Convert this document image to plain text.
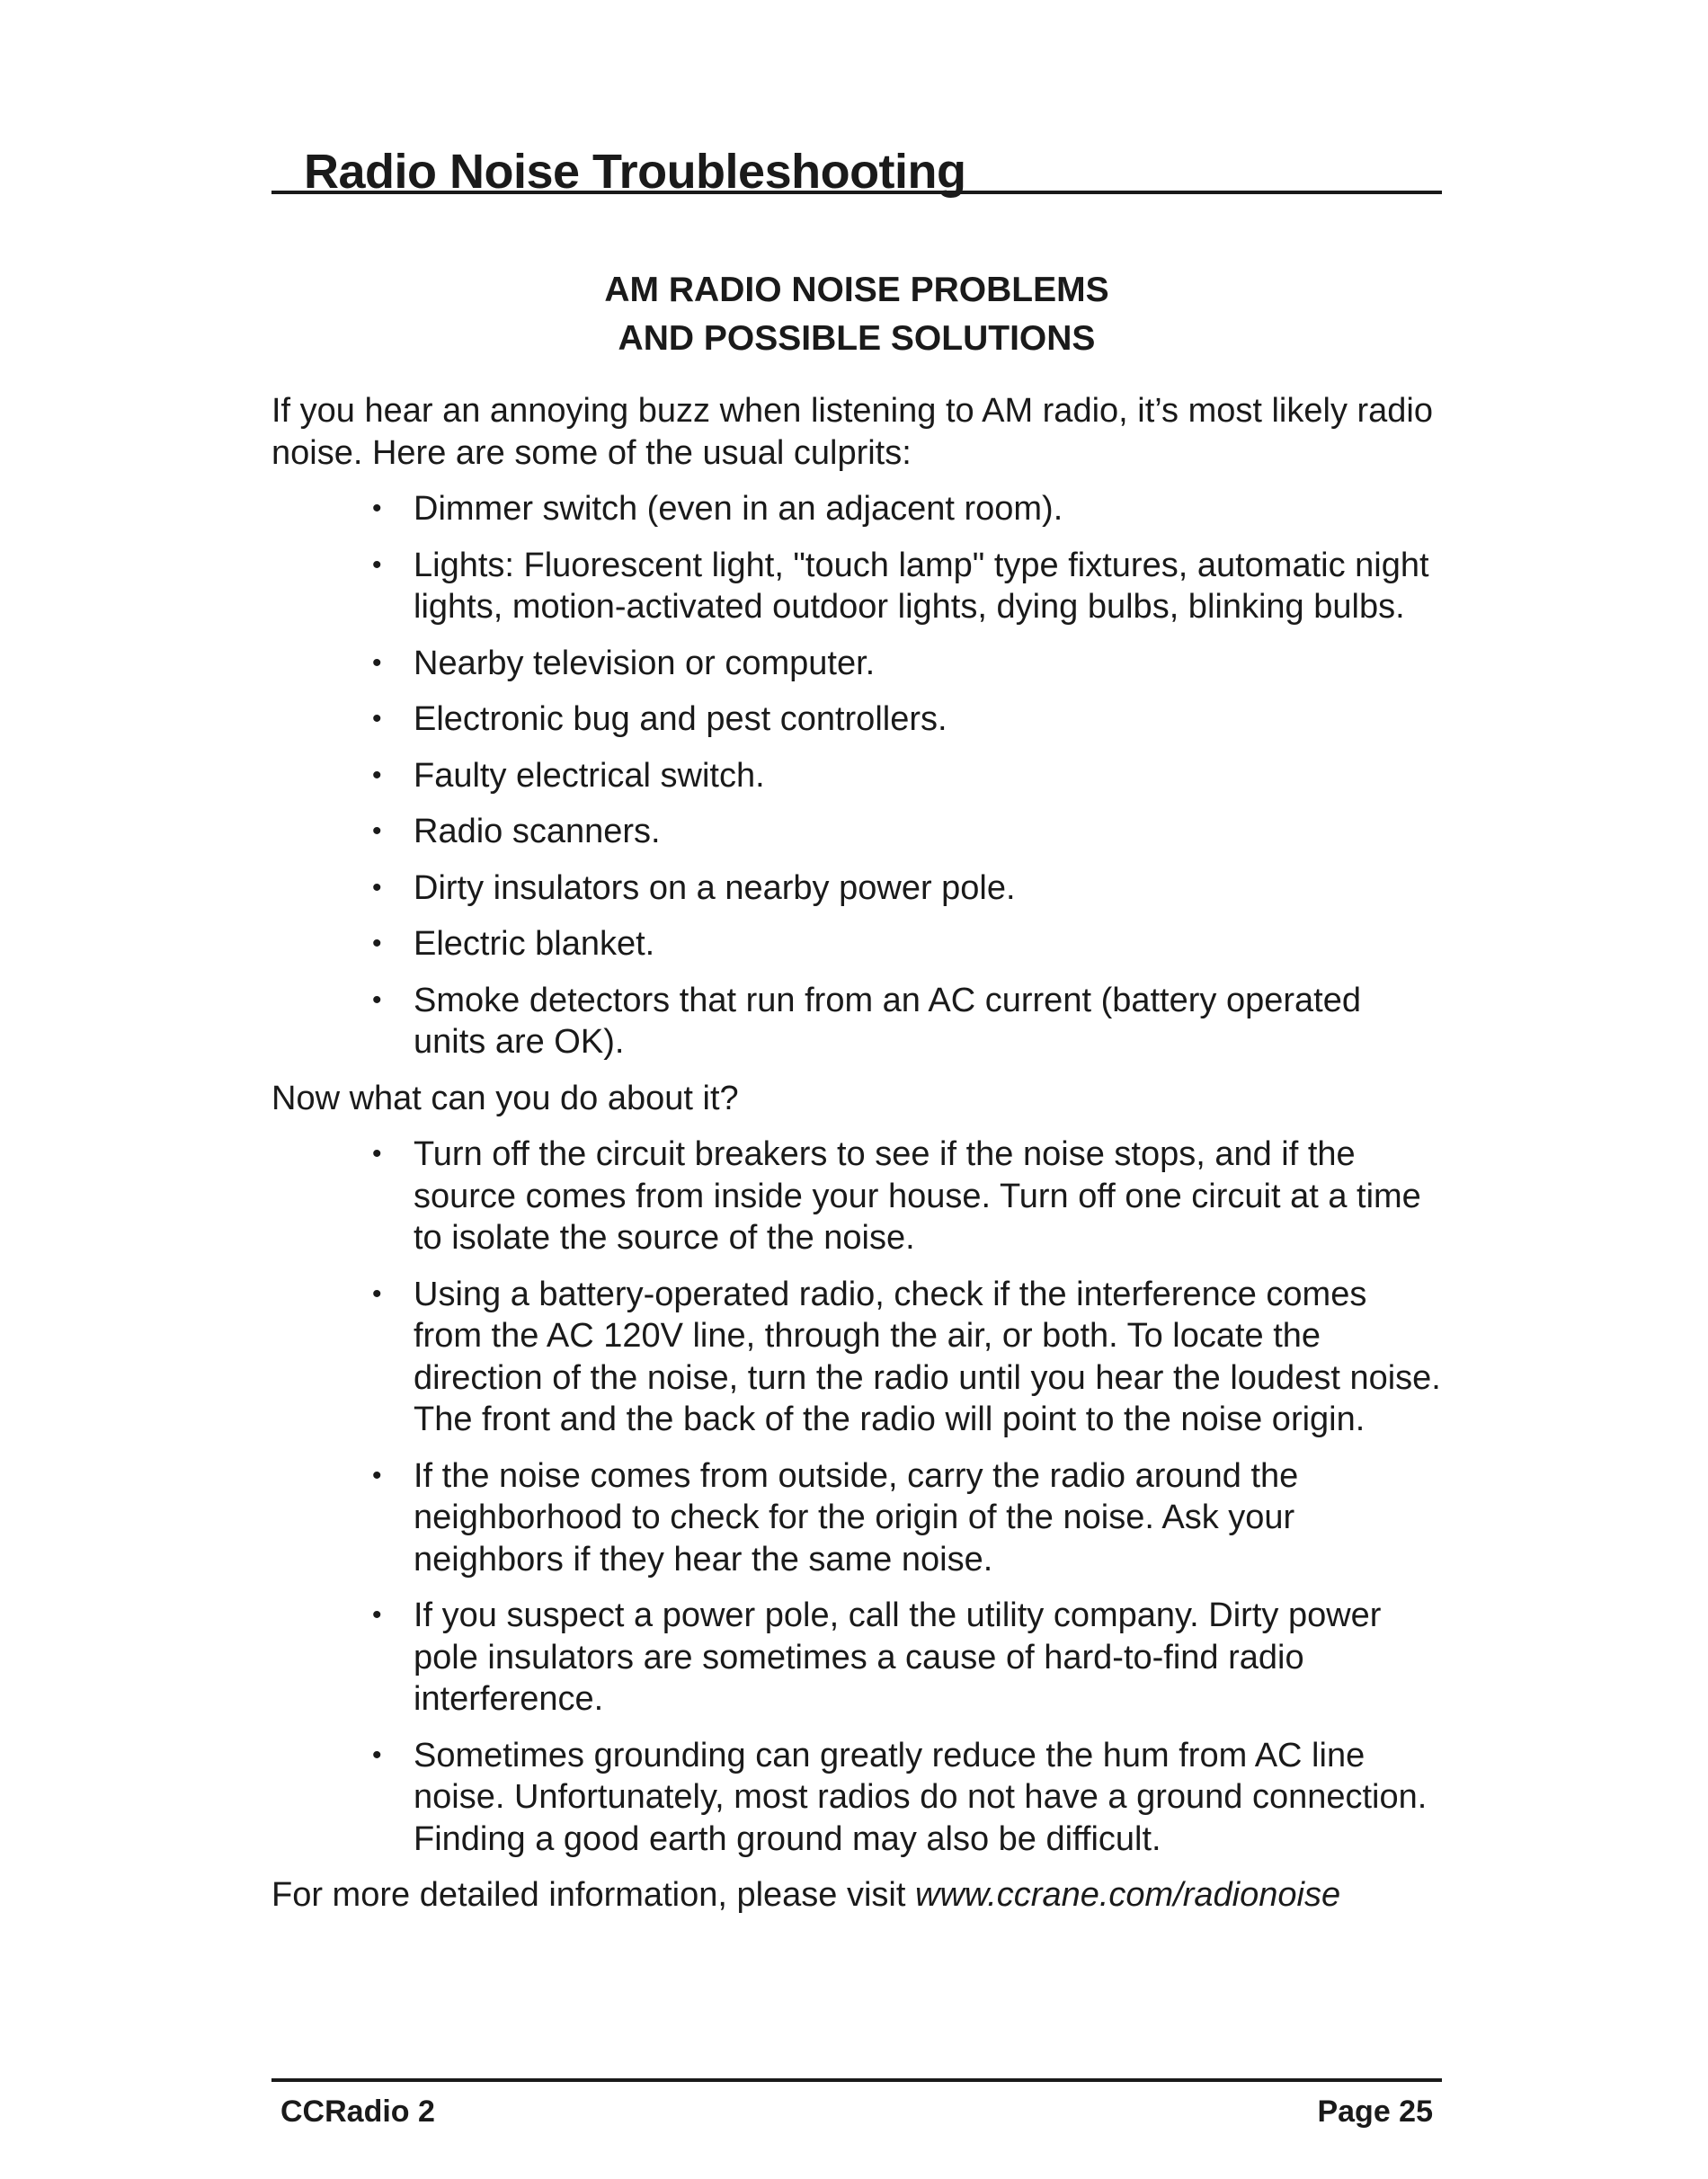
Radio Noise Troubleshooting
AM RADIO NOISE PROBLEMS
AND POSSIBLE SOLUTIONS

If you hear an annoying buzz when listening to AM radio, it’s most likely radio noise. Here are some of the usual culprits:

• Dimmer switch (even in an adjacent room).
• Lights: Fluorescent light, "touch lamp" type fixtures, automatic night lights, motion-activated outdoor lights, dying bulbs, blinking bulbs.
• Nearby television or computer.
• Electronic bug and pest controllers.
• Faulty electrical switch.
• Radio scanners.
• Dirty insulators on a nearby power pole.
• Electric blanket.
• Smoke detectors that run from an AC current (battery operated units are OK).

Now what can you do about it?

• Turn off the circuit breakers to see if the noise stops, and if the source comes from inside your house. Turn off one circuit at a time to isolate the source of the noise.
• Using a battery-operated radio, check if the interference comes from the AC 120V line, through the air, or both. To locate the direction of the noise, turn the radio until you hear the loudest noise. The front and the back of the radio will point to the noise origin.
• If the noise comes from outside, carry the radio around the neighborhood to check for the origin of the noise. Ask your neighbors if they hear the same noise.
• If you suspect a power pole, call the utility company. Dirty power pole insulators are sometimes a cause of hard-to-find radio interference.
• Sometimes grounding can greatly reduce the hum from AC line noise. Unfortunately, most radios do not have a ground connection. Finding a good earth ground may also be difficult.

For more detailed information, please visit www.ccrane.com/radionoise

CCRadio 2	Page 25
